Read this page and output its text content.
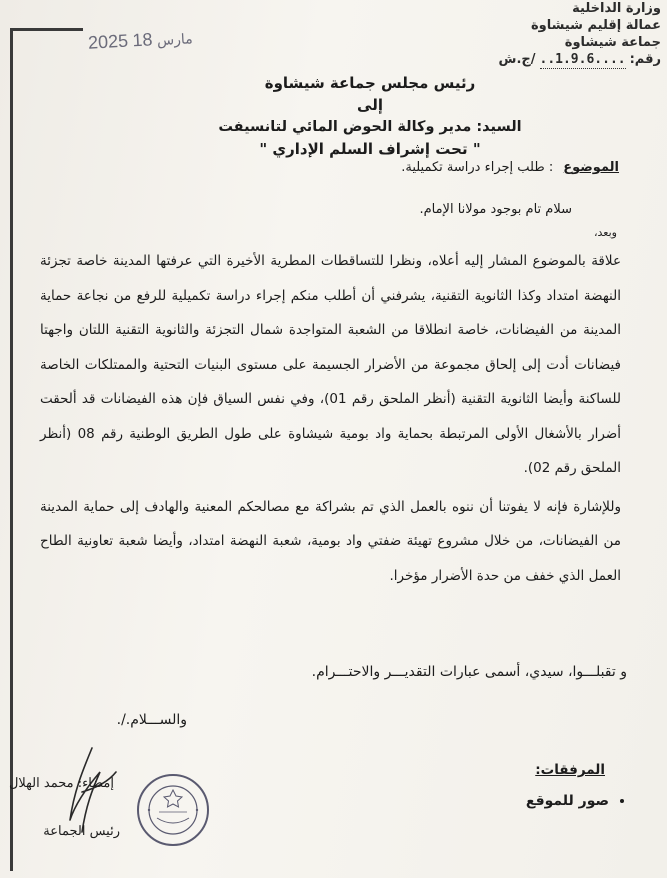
وزارة الداخلية
عمالة إقليم شيشاوة
جماعة شيشاوة
رقم:
....1.9.6..
/ج.ش
2025 مارس 18
رئيس مجلس جماعة شيشاوة
إلى
السيد: مدير وكالة الحوض المائي لتانسيفت
" تحت إشراف السلم الإداري "
الموضوع
: طلب إجراء دراسة تكميلية.
سلام تام بوجود مولانا الإمام.
وبعد،

علاقة بالموضوع المشار إليه أعلاه، ونظرا للتساقطات المطرية الأخيرة التي عرفتها المدينة خاصة تجزئة النهضة امتداد وكذا الثانوية التقنية، يشرفني أن أطلب منكم إجراء دراسة تكميلية للرفع من نجاعة حماية المدينة من الفيضانات، خاصة انطلاقا من الشعبة المتواجدة شمال التجزئة والثانوية التقنية اللتان واجهتا فيضانات أدت إلى إلحاق مجموعة من الأضرار الجسيمة على مستوى البنيات التحتية والممتلكات الخاصة للساكنة وأيضا الثانوية التقنية (أنظر الملحق رقم 01)، وفي نفس السياق فإن هذه الفيضانات قد ألحقت أضرار بالأشغال الأولى المرتبطة بحماية واد بومية شيشاوة على طول الطريق الوطنية رقم 08 (أنظر الملحق رقم 02).

وللإشارة فإنه لا يفوتنا أن ننوه بالعمل الذي تم بشراكة مع مصالحكم المعنية والهادف إلى حماية المدينة من الفيضانات، من خلال مشروع تهيئة ضفتي واد بومية، شعبة النهضة امتداد، وأيضا شعبة تعاونية الطاح العمل الذي خفف من حدة الأضرار مؤخرا.

و تقبلـــوا، سيدي، أسمى عبارات التقديـــر والاحتـــرام.
والســـلام./.
المرفقات:
• صور للموقع
إمضاء: محمد الهلال
رئيس الجماعة
